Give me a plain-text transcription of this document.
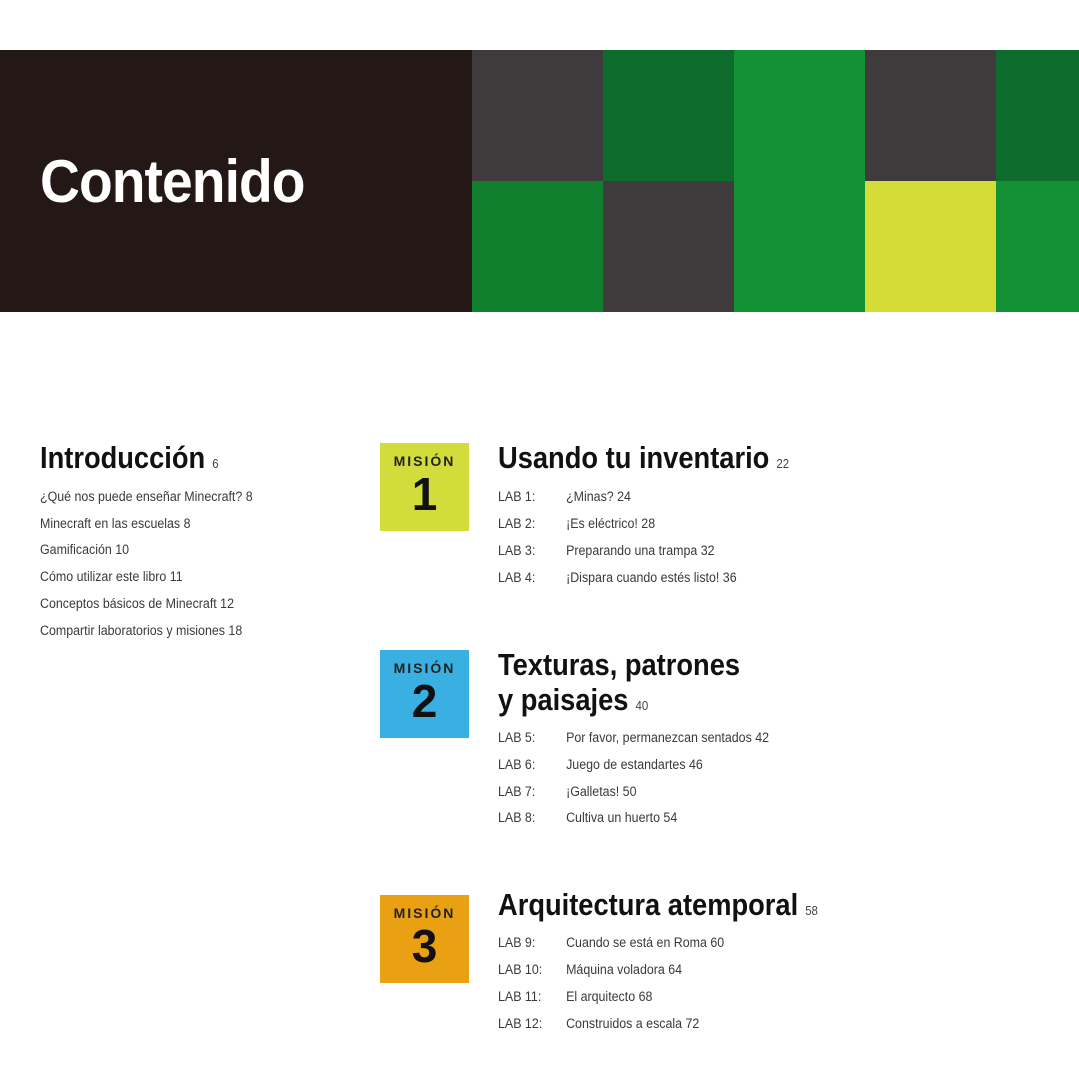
Contenido
Introducción 6
¿Qué nos puede enseñar Minecraft? 8
Minecraft en las escuelas 8
Gamificación 10
Cómo utilizar este libro 11
Conceptos básicos de Minecraft 12
Compartir laboratorios y misiones 18
MISIÓN
1
Usando tu inventario 22
LAB 1: ¿Minas? 24
LAB 2: ¡Es eléctrico! 28
LAB 3: Preparando una trampa 32
LAB 4: ¡Dispara cuando estés listo! 36
MISIÓN
2
Texturas, patrones
y paisajes 40
LAB 5: Por favor, permanezcan sentados 42
LAB 6: Juego de estandartes 46
LAB 7: ¡Galletas! 50
LAB 8: Cultiva un huerto 54
MISIÓN
3
Arquitectura atemporal 58
LAB 9: Cuando se está en Roma 60
LAB 10: Máquina voladora 64
LAB 11: El arquitecto 68
LAB 12: Construidos a escala 72
